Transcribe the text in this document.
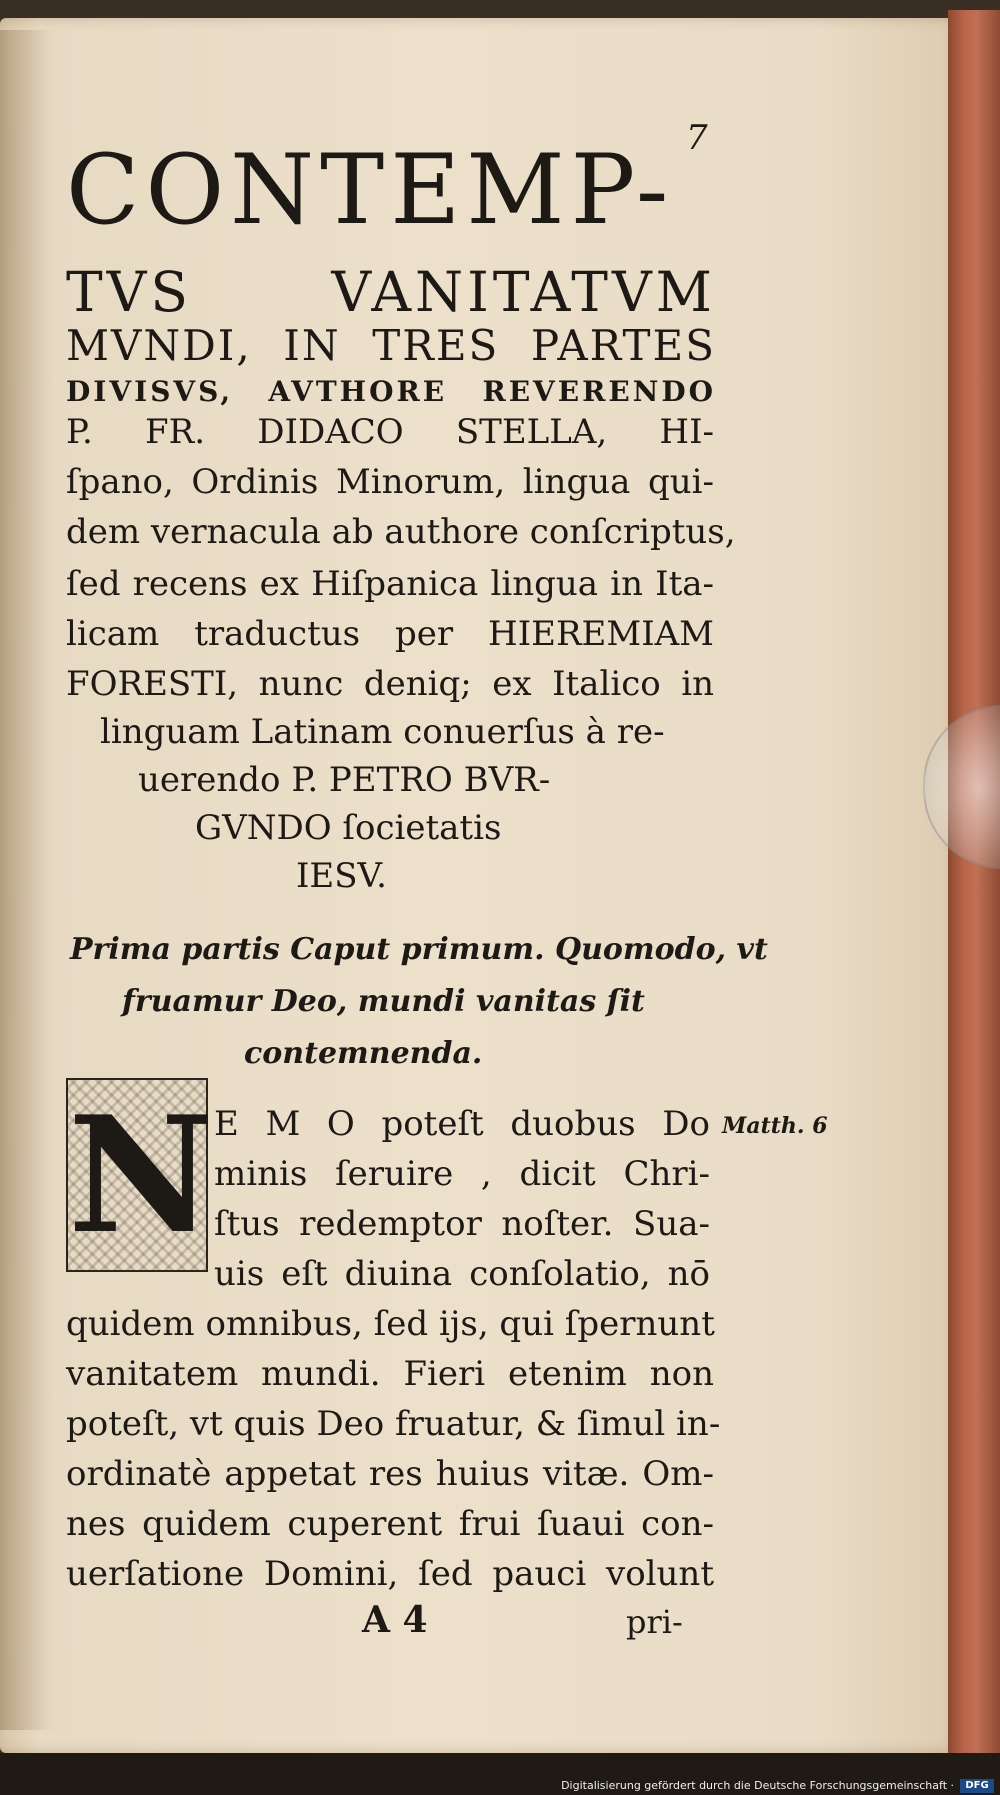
7
CONTEMP-
TVS VANITATVM
MVNDI, IN TRES PARTES
DIVISVS, AVTHORE REVERENDO
P. FR. DIDACO STELLA, HI-
ſpano, Ordinis Minorum, lingua qui-
dem vernacula ab authore conſcriptus,
ſed recens ex Hiſpanica lingua in Ita-
licam traductus per HIEREMIAM
FORESTI, nunc deniq; ex Italico in
linguam Latinam conuerſus à re-
uerendo P. PETRO BVR-
GVNDO ſocietatis
IESV.
Prima partis Caput primum. Quomodo, vt
fruamur Deo, mundi vanitas ſit
contemnenda.
N E M O poteſt duobus Do
minis ſeruire , dicit Chri-
ſtus redemptor noſter. Sua-
uis eſt diuina conſolatio, nō
quidem omnibus, ſed ijs, qui ſpernunt
vanitatem mundi. Fieri etenim non
poteſt, vt quis Deo fruatur, & ſimul in-
ordinatè appetat res huius vitæ. Om-
nes quidem cuperent frui ſuaui con-
uerſatione Domini, ſed pauci volunt
Matth. 6
A 4	pri-
Digitalisierung gefördert durch die Deutsche Forschungsgemeinschaft ·	DFG
